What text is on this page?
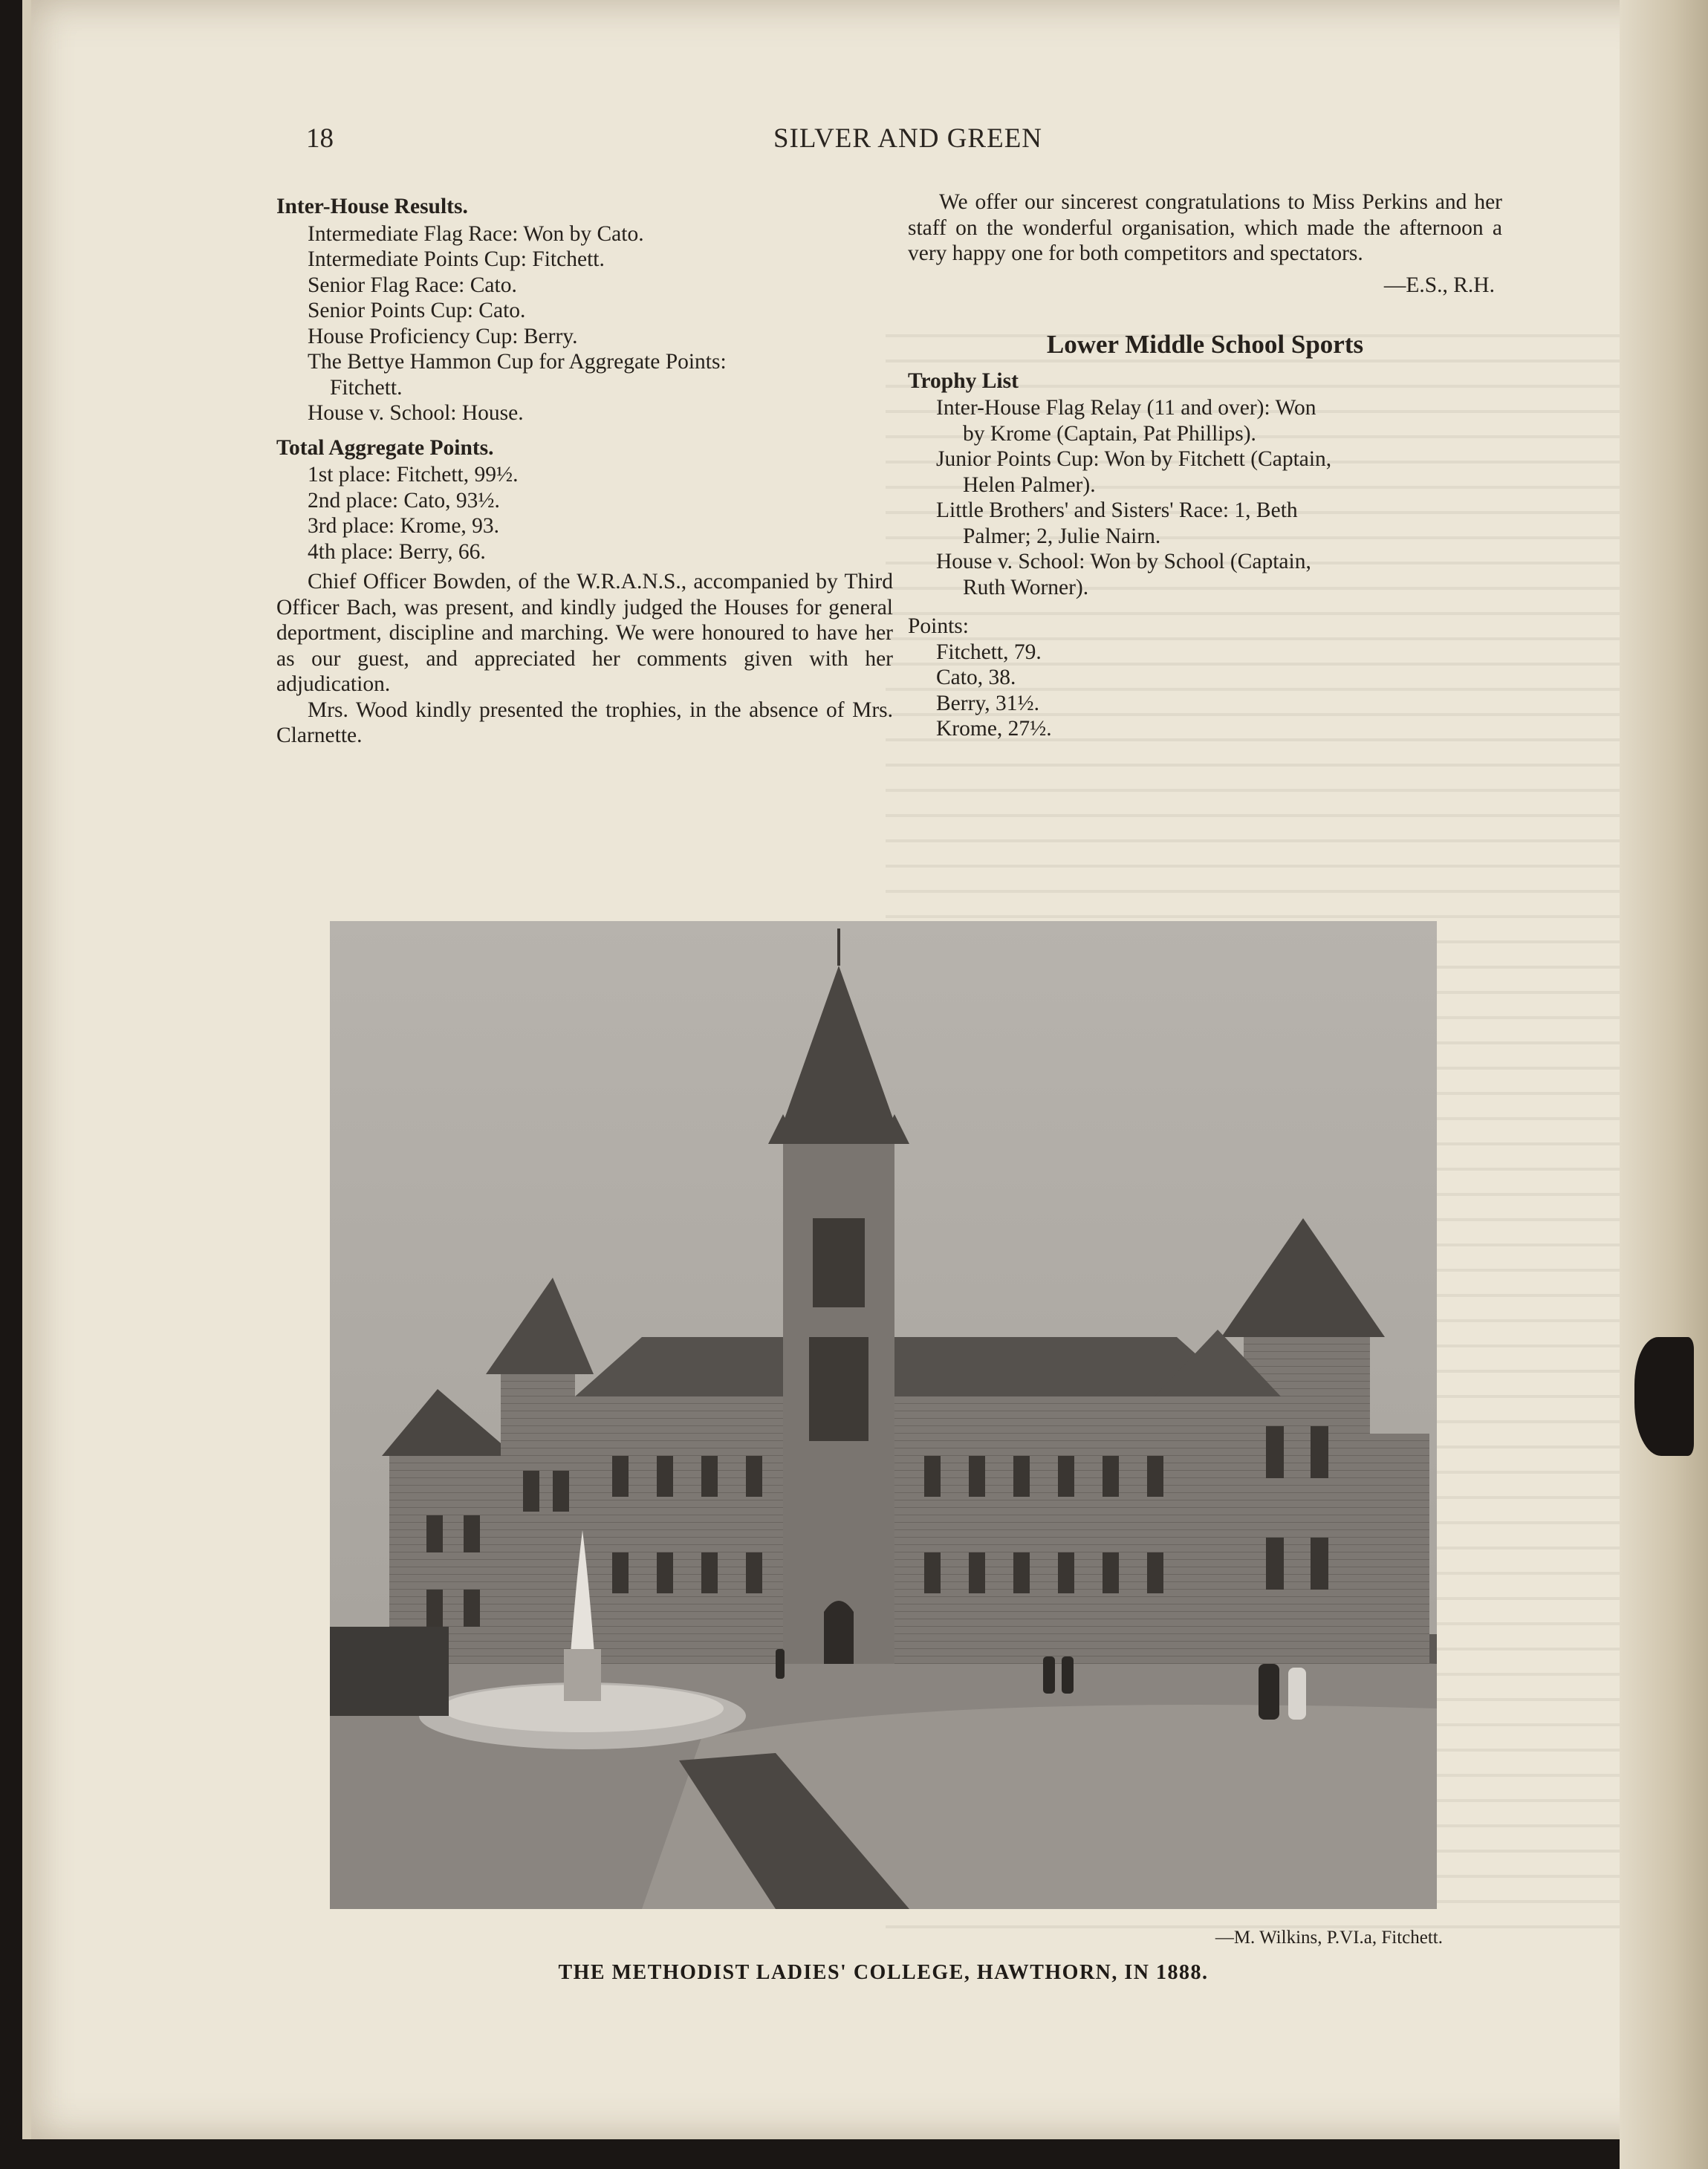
18	SILVER AND GREEN
Inter-House Results.
Intermediate Flag Race: Won by Cato.
Intermediate Points Cup: Fitchett.
Senior Flag Race: Cato.
Senior Points Cup: Cato.
House Proficiency Cup: Berry.
The Bettye Hammon Cup for Aggregate Points:
Fitchett.
House v. School: House.
Total Aggregate Points.
1st place: Fitchett, 99½.
2nd place: Cato, 93½.
3rd place: Krome, 93.
4th place: Berry, 66.

Chief Officer Bowden, of the W.R.A.N.S., accompanied by Third Officer Bach, was present, and kindly judged the Houses for general deportment, discipline and marching. We were honoured to have her as our guest, and appreciated her comments given with her adjudication.

Mrs. Wood kindly presented the trophies, in the absence of Mrs. Clarnette.

We offer our sincerest congratulations to Miss Perkins and her staff on the wonderful organisation, which made the afternoon a very happy one for both competitors and spectators.

—E.S., R.H.
Lower Middle School Sports
Trophy List
Inter-House Flag Relay (11 and over): Won
by Krome (Captain, Pat Phillips).
Junior Points Cup: Won by Fitchett (Captain,
Helen Palmer).
Little Brothers' and Sisters' Race: 1, Beth
Palmer; 2, Julie Nairn.
House v. School: Won by School (Captain,
Ruth Worner).
Points:
Fitchett, 79.
Cato, 38.
Berry, 31½.
Krome, 27½.
—M. Wilkins, P.VI.a, Fitchett.
THE METHODIST LADIES' COLLEGE, HAWTHORN, IN 1888.
